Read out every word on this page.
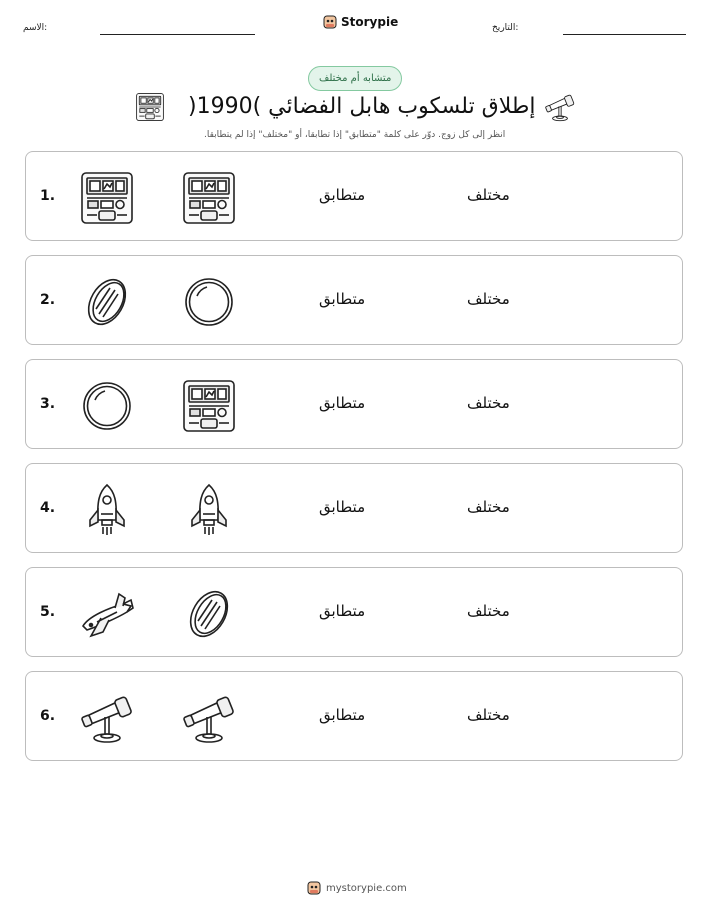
الاسم:	Storypie	التاريخ:
متشابه أم مختلف
إطلاق تلسكوب هابل الفضائي )1990(
انظر إلى كل زوج. دوّر على كلمة "متطابق" إذا تطابقا، أو "مختلف" إذا لم يتطابقا.
1.	متطابق	مختلف
2.	متطابق	مختلف
3.	متطابق	مختلف
4.	متطابق	مختلف
5.	متطابق	مختلف
6.	متطابق	مختلف
mystorypie.com
